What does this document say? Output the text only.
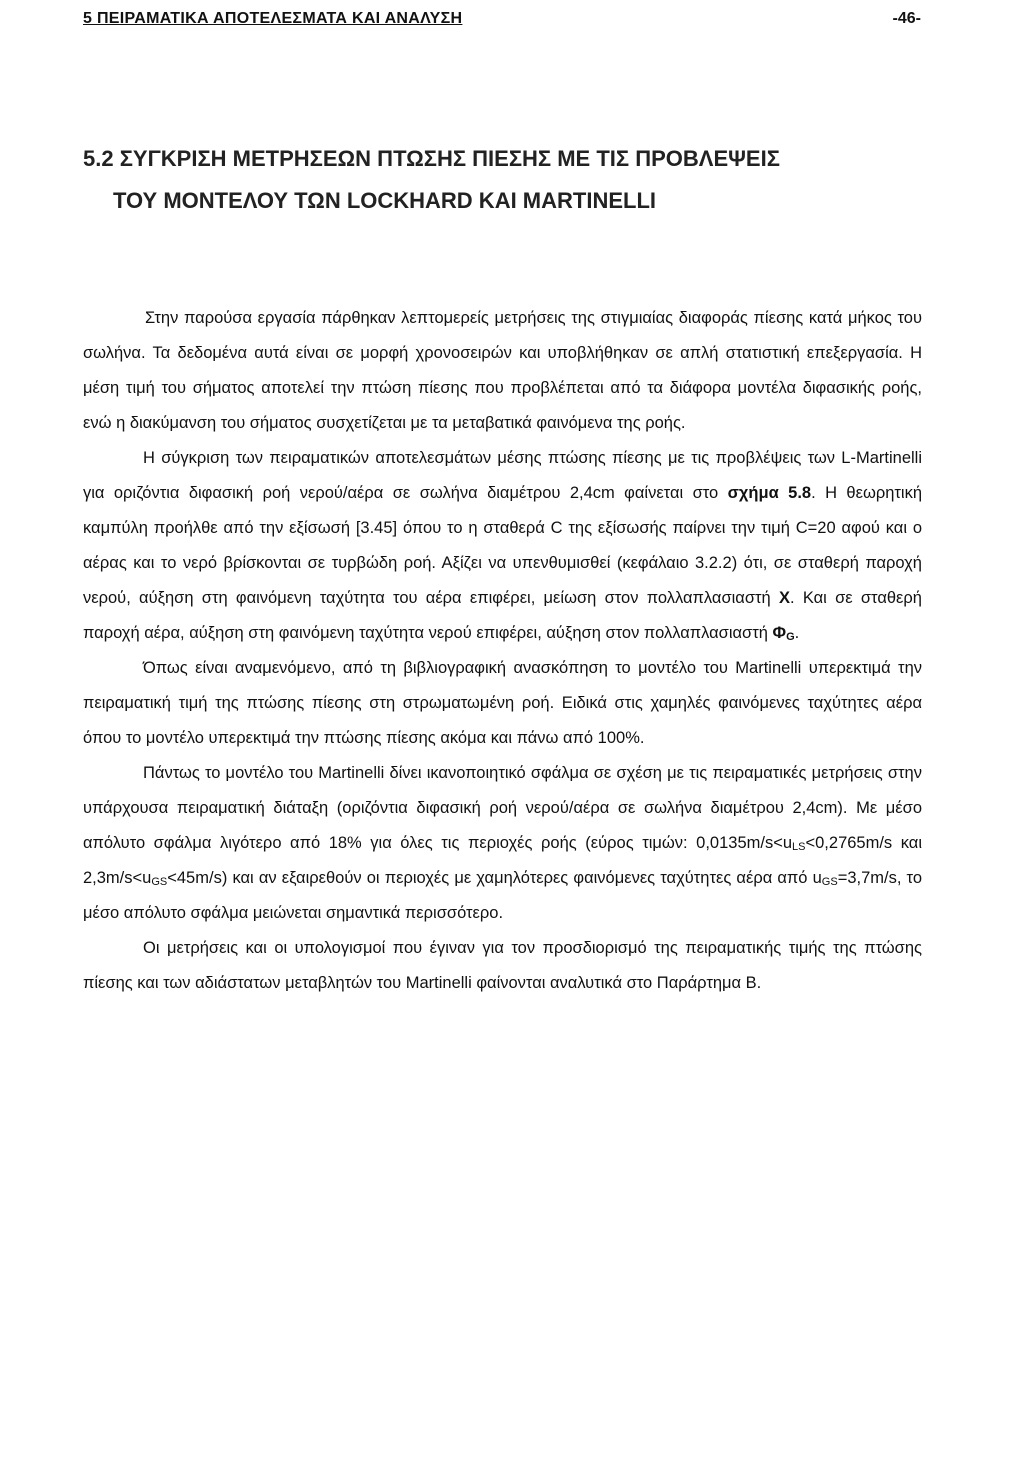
5 ΠΕΙΡΑΜΑΤΙΚΑ ΑΠΟΤΕΛΕΣΜΑΤΑ ΚΑΙ ΑΝΑΛΥΣΗ	-46-
5.2 ΣΥΓΚΡΙΣΗ ΜΕΤΡΗΣΕΩΝ ΠΤΩΣΗΣ ΠΙΕΣΗΣ ΜΕ ΤΙΣ ΠΡΟΒΛΕΨΕΙΣ
ΤΟΥ ΜΟΝΤΕΛΟΥ ΤΩΝ LOCKHARD ΚΑΙ MARTINELLI

Στην παρούσα εργασία πάρθηκαν λεπτομερείς μετρήσεις της στιγμιαίας διαφοράς πίεσης κατά μήκος του σωλήνα. Τα δεδομένα αυτά είναι σε μορφή χρονοσειρών και υποβλήθηκαν σε απλή στατιστική επεξεργασία. Η μέση τιμή του σήματος αποτελεί την πτώση πίεσης που προβλέπεται από τα διάφορα μοντέλα διφασικής ροής, ενώ η διακύμανση του σήματος συσχετίζεται με τα μεταβατικά φαινόμενα της ροής.

Η σύγκριση των πειραματικών αποτελεσμάτων μέσης πτώσης πίεσης με τις προβλέψεις των L-Martinelli για οριζόντια διφασική ροή νερού/αέρα σε σωλήνα διαμέτρου 2,4cm φαίνεται στο σχήμα 5.8. Η θεωρητική καμπύλη προήλθε από την εξίσωσή [3.45] όπου το η σταθερά C της εξίσωσής παίρνει την τιμή C=20 αφού και ο αέρας και το νερό βρίσκονται σε τυρβώδη ροή. Αξίζει να υπενθυμισθεί (κεφάλαιο 3.2.2) ότι, σε σταθερή παροχή νερού, αύξηση στη φαινόμενη ταχύτητα του αέρα επιφέρει, μείωση στον πολλαπλασιαστή Χ. Και σε σταθερή παροχή αέρα, αύξηση στη φαινόμενη ταχύτητα νερού επιφέρει, αύξηση στον πολλαπλασιαστή $\Phi_G$.

Όπως είναι αναμενόμενο, από τη βιβλιογραφική ανασκόπηση το μοντέλο του Martinelli υπερεκτιμά την πειραματική τιμή της πτώσης πίεσης στη στρωματωμένη ροή. Ειδικά στις χαμηλές φαινόμενες ταχύτητες αέρα όπου το μοντέλο υπερεκτιμά την πτώσης πίεσης ακόμα και πάνω από 100%.

Πάντως το μοντέλο του Martinelli δίνει ικανοποιητικό σφάλμα σε σχέση με τις πειραματικές μετρήσεις στην υπάρχουσα πειραματική διάταξη (οριζόντια διφασική ροή νερού/αέρα σε σωλήνα διαμέτρου 2,4cm). Με μέσο απόλυτο σφάλμα λιγότερο από 18% για όλες τις περιοχές ροής (εύρος τιμών: $0,0135m/s<u_{LS}<0,2765m/s$ και $2,3m/s<u_{GS}<45m/s$) και αν εξαιρεθούν οι περιοχές με χαμηλότερες φαινόμενες ταχύτητες αέρα από $u_{GS}=3,7m/s$, το μέσο απόλυτο σφάλμα μειώνεται σημαντικά περισσότερο.

Οι μετρήσεις και οι υπολογισμοί που έγιναν για τον προσδιορισμό της πειραματικής τιμής της πτώσης πίεσης και των αδιάστατων μεταβλητών του Martinelli φαίνονται αναλυτικά στο Παράρτημα Β.
